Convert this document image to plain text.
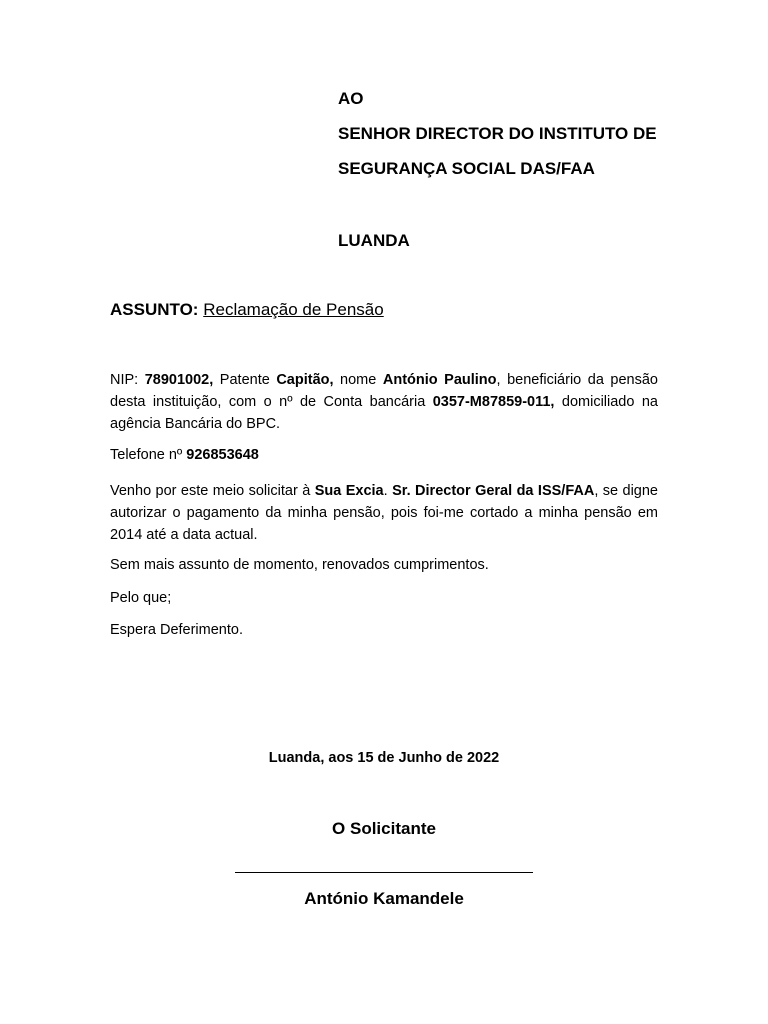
AO
SENHOR DIRECTOR DO INSTITUTO DE
SEGURANÇA SOCIAL DAS/FAA
LUANDA
ASSUNTO: Reclamação de Pensão
NIP: 78901002, Patente Capitão, nome António Paulino, beneficiário da pensão desta instituição, com o nº de Conta bancária 0357-M87859-011, domiciliado na agência Bancária do BPC.
Telefone nº 926853648
Venho por este meio solicitar à Sua Excia. Sr. Director Geral da ISS/FAA, se digne autorizar o pagamento da minha pensão, pois foi-me cortado a minha pensão em 2014 até a data actual.
Sem mais assunto de momento, renovados cumprimentos.
Pelo que;
Espera Deferimento.
Luanda, aos 15 de Junho de 2022
O Solicitante
António Kamandele
